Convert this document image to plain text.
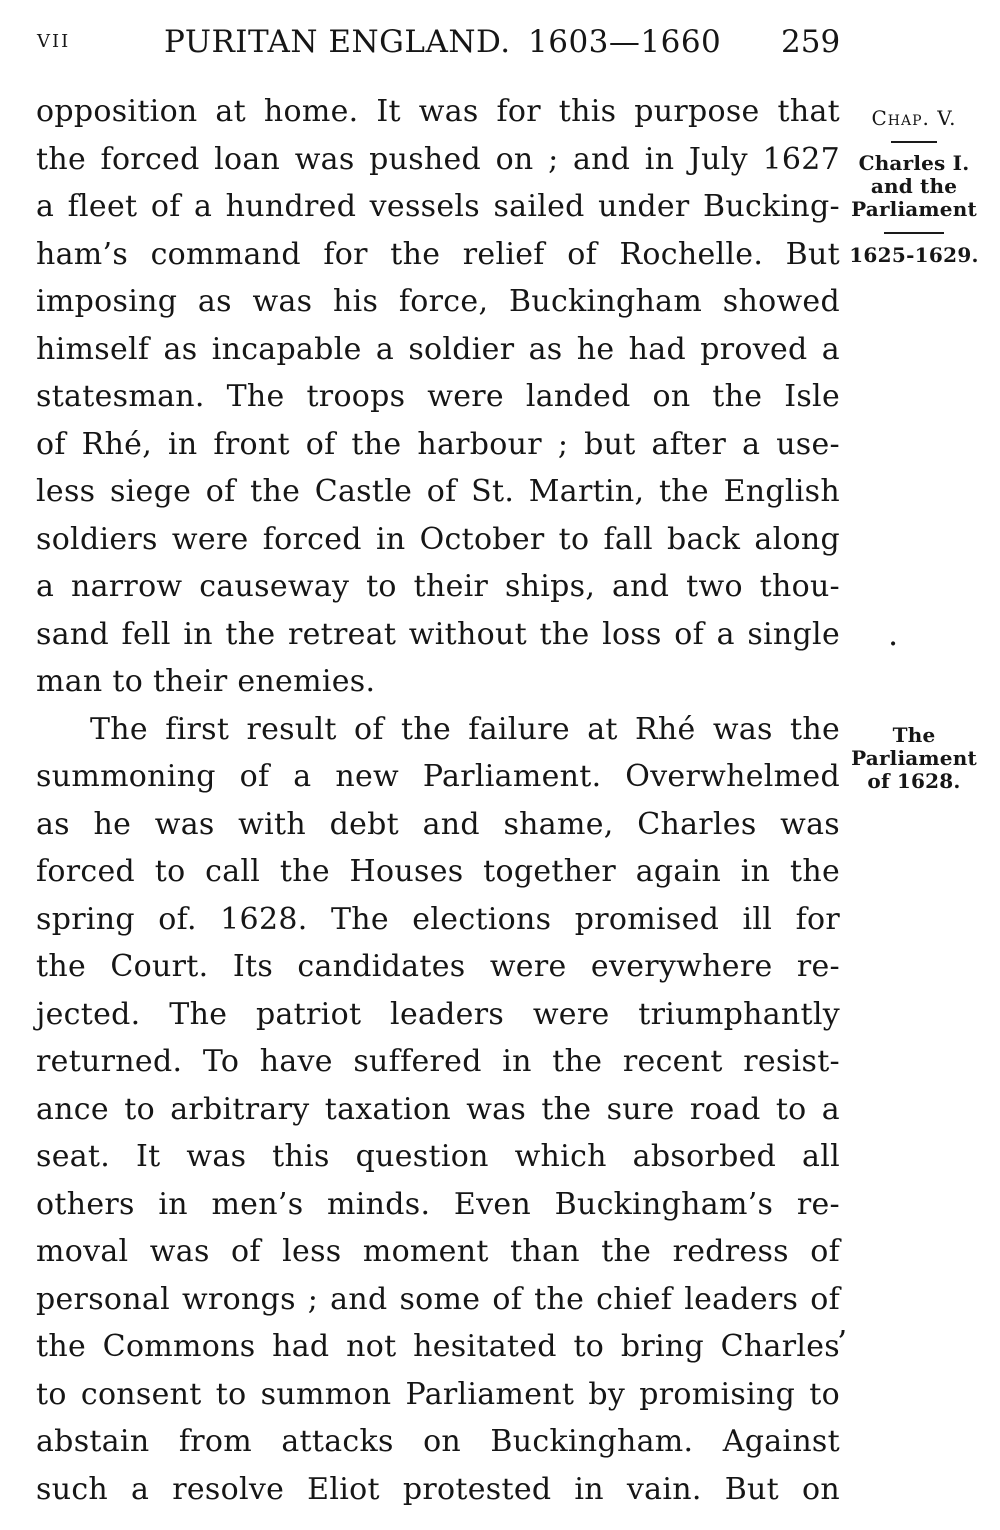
vii	PURITAN ENGLAND. 1603—1660 259
opposition at home. It was for this purpose that
the forced loan was pushed on ; and in July 1627
a fleet of a hundred vessels sailed under Bucking-
ham’s command for the relief of Rochelle. But
imposing as was his force, Buckingham showed
himself as incapable a soldier as he had proved a
statesman. The troops were landed on the Isle
of Rhé, in front of the harbour ; but after a use-
less siege of the Castle of St. Martin, the English
soldiers were forced in October to fall back along
a narrow causeway to their ships, and two thou-
sand fell in the retreat without the loss of a single
man to their enemies.
The first result of the failure at Rhé was the
summoning of a new Parliament. Overwhelmed
as he was with debt and shame, Charles was
forced to call the Houses together again in the
spring of. 1628. The elections promised ill for
the Court. Its candidates were everywhere re-
jected. The patriot leaders were triumphantly
returned. To have suffered in the recent resist-
ance to arbitrary taxation was the sure road to a
seat. It was this question which absorbed all
others in men’s minds. Even Buckingham’s re-
moval was of less moment than the redress of
personal wrongs ; and some of the chief leaders of
the Commons had not hesitated to bring Charles
to consent to summon Parliament by promising to
abstain from attacks on Buckingham. Against
such a resolve Eliot protested in vain. But on
Chap. V.
Charles I.
and the
Parliament
1625-1629.
The
Parliament
of 1628.
.
’
